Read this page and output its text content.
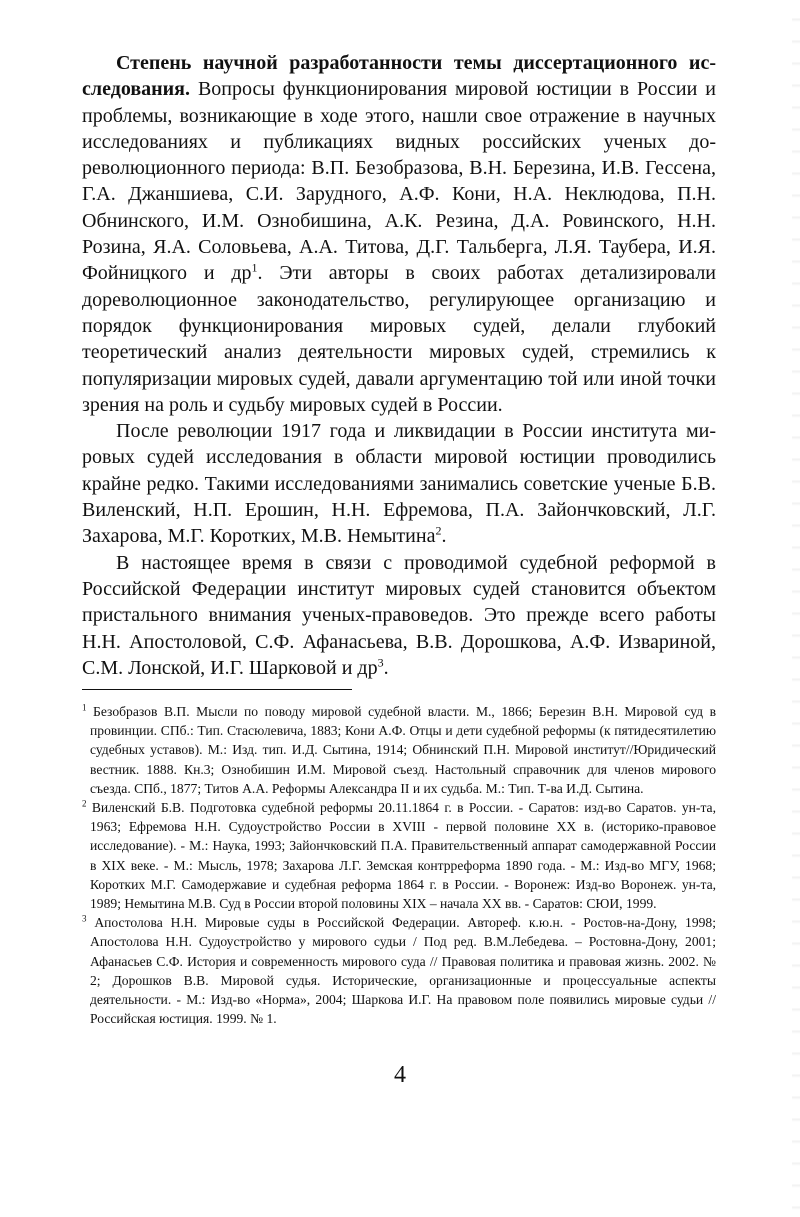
Степень научной разработанности темы диссертационного исследования. Вопросы функционирования мировой юстиции в России и проблемы, возникающие в ходе этого, нашли свое отражение в научных исследованиях и публикациях видных российских ученых дореволюционного периода: В.П. Безобразова, В.Н. Березина, И.В. Гессена, Г.А. Джаншиева, С.И. Зарудного, А.Ф. Кони, Н.А. Неклюдова, П.Н. Обнинского, И.М. Ознобишина, А.К. Резина, Д.А. Ровинского, Н.Н. Розина, Я.А. Соловьева, А.А. Титова, Д.Г. Тальберга, Л.Я. Таубера, И.Я. Фойницкого и $др^1$. Эти авторы в своих работах детализировали дореволюционное законодательство, регулирующее организацию и порядок функционирования мировых судей, делали глубокий теоретический анализ деятельности мировых судей, стремились к популяризации мировых судей, давали аргументацию той или иной точки зрения на роль и судьбу мировых судей в России.

После революции 1917 года и ликвидации в России института мировых судей исследования в области мировой юстиции проводились крайне редко. Такими исследованиями занимались советские ученые Б.В. Виленский, Н.П. Ерошин, Н.Н. Ефремова, П.А. Зайончковский, Л.Г. Захарова, М.Г. Коротких, М.В. Немытина$^2$.

В настоящее время в связи с проводимой судебной реформой в Российской Федерации институт мировых судей становится объектом пристального внимания ученых-правоведов. Это прежде всего работы Н.Н. Апостоловой, С.Ф. Афанасьева, В.В. Дорошкова, А.Ф. Извариной, С.М. Лонской, И.Г. Шарковой и $др^3$.

$^1$ Безобразов В.П. Мысли по поводу мировой судебной власти. М., 1866; Березин В.Н. Мировой суд в провинции. СПб.: Тип. Стасюлевича, 1883; Кони А.Ф. Отцы и дети судебной реформы (к пятидесятилетию судебных уставов). М.: Изд. тип. И.Д. Сытина, 1914; Обнинский П.Н. Мировой институт//Юридический вестник. 1888. Кн.3; Ознобишин И.М. Мировой съезд. Настольный справочник для членов мирового съезда. СПб., 1877; Титов А.А. Реформы Александра II и их судьба. М.: Тип. Т-ва И.Д. Сытина.

$^2$ Виленский Б.В. Подготовка судебной реформы 20.11.1864 г. в России. - Саратов: изд-во Саратов. ун-та, 1963; Ефремова Н.Н. Судоустройство России в XVIII - первой половине XX в. (историко-правовое исследование). - М.: Наука, 1993; Зайончковский П.А. Правительственный аппарат самодержавной России в XIX веке. - М.: Мысль, 1978; Захарова Л.Г. Земская контрреформа 1890 года. - М.: Изд-во МГУ, 1968; Коротких М.Г. Самодержавие и судебная реформа 1864 г. в России. - Воронеж: Изд-во Воронеж. ун-та, 1989; Немытина М.В. Суд в России второй половины XIX – начала XX вв. - Саратов: СЮИ, 1999.

$^3$ Апостолова Н.Н. Мировые суды в Российской Федерации. Автореф. к.ю.н. - Ростов-на-Дону, 1998; Апостолова Н.Н. Судоустройство у мирового судьи / Под ред. В.М.Лебедева. – Ростовна-Дону, 2001; Афанасьев С.Ф. История и современность мирового суда // Правовая политика и правовая жизнь. 2002. № 2; Дорошков В.В. Мировой судья. Исторические, организационные и процессуальные аспекты деятельности. - М.: Изд-во «Норма», 2004; Шаркова И.Г. На правовом поле появились мировые судьи // Российская юстиция. 1999. № 1.

4
